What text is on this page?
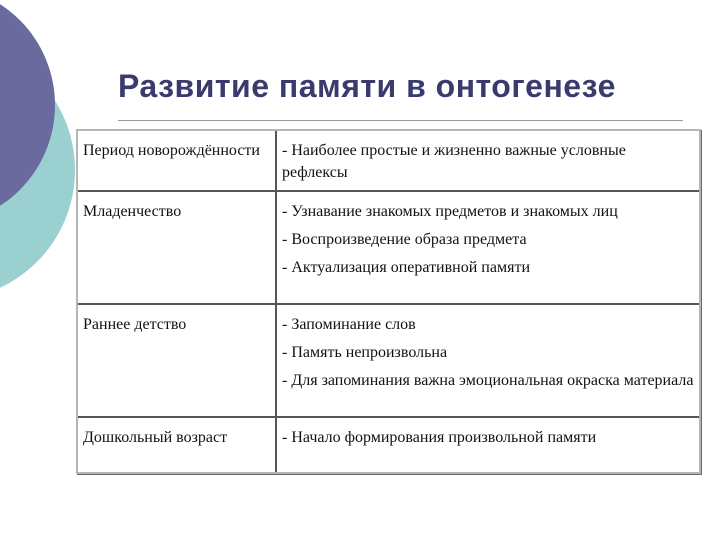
Развитие памяти в онтогенезе
Период новорождённости	- Наиболее простые и жизненно важные условные рефлексы

Младенчество	- Узнавание знакомых предметов и знакомых лиц
- Воспроизведение образа предмета
- Актуализация оперативной памяти

Раннее детство	- Запоминание слов
- Память непроизвольна
- Для запоминания важна эмоциональная окраска материала

Дошкольный возраст	- Начало формирования произвольной памяти
